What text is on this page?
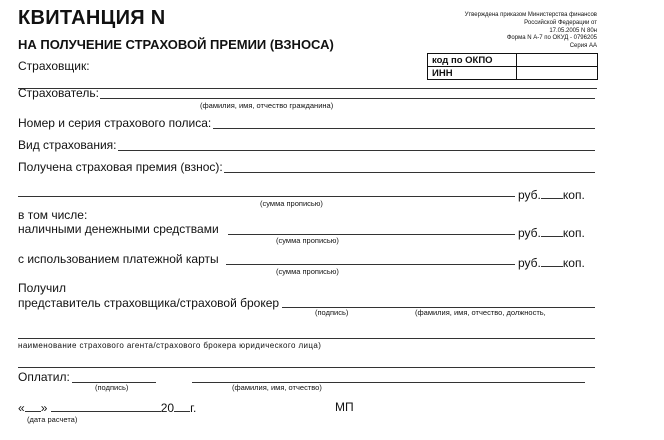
КВИТАНЦИЯ N
НА ПОЛУЧЕНИЕ СТРАХОВОЙ ПРЕМИИ (ВЗНОСА)
Утверждена приказом Министерства финансов
Российской Федерации от
17.05.2005 N 80н
Форма N А-7 по ОКУД - 0796205
Серия АА
код по ОКПО	
ИНН	
Страховщик:
Страхователь:
(фамилия, имя, отчество гражданина)
Номер и серия страхового полиса:
Вид страхования:
Получена страховая премия (взнос):
руб. коп.
(сумма прописью)
в том числе:
наличными денежными средствами	руб. коп.
(сумма прописью)
с использованием платежной карты	руб. коп.
(сумма прописью)
Получил
представитель страховщика/страховой брокер
(подпись)	(фамилия, имя, отчество, должность,
наименование страхового агента/страхового брокера юридического лица)
Оплатил:
(подпись)	(фамилия, имя, отчество)
« »	20 г.	МП
(дата расчета)
